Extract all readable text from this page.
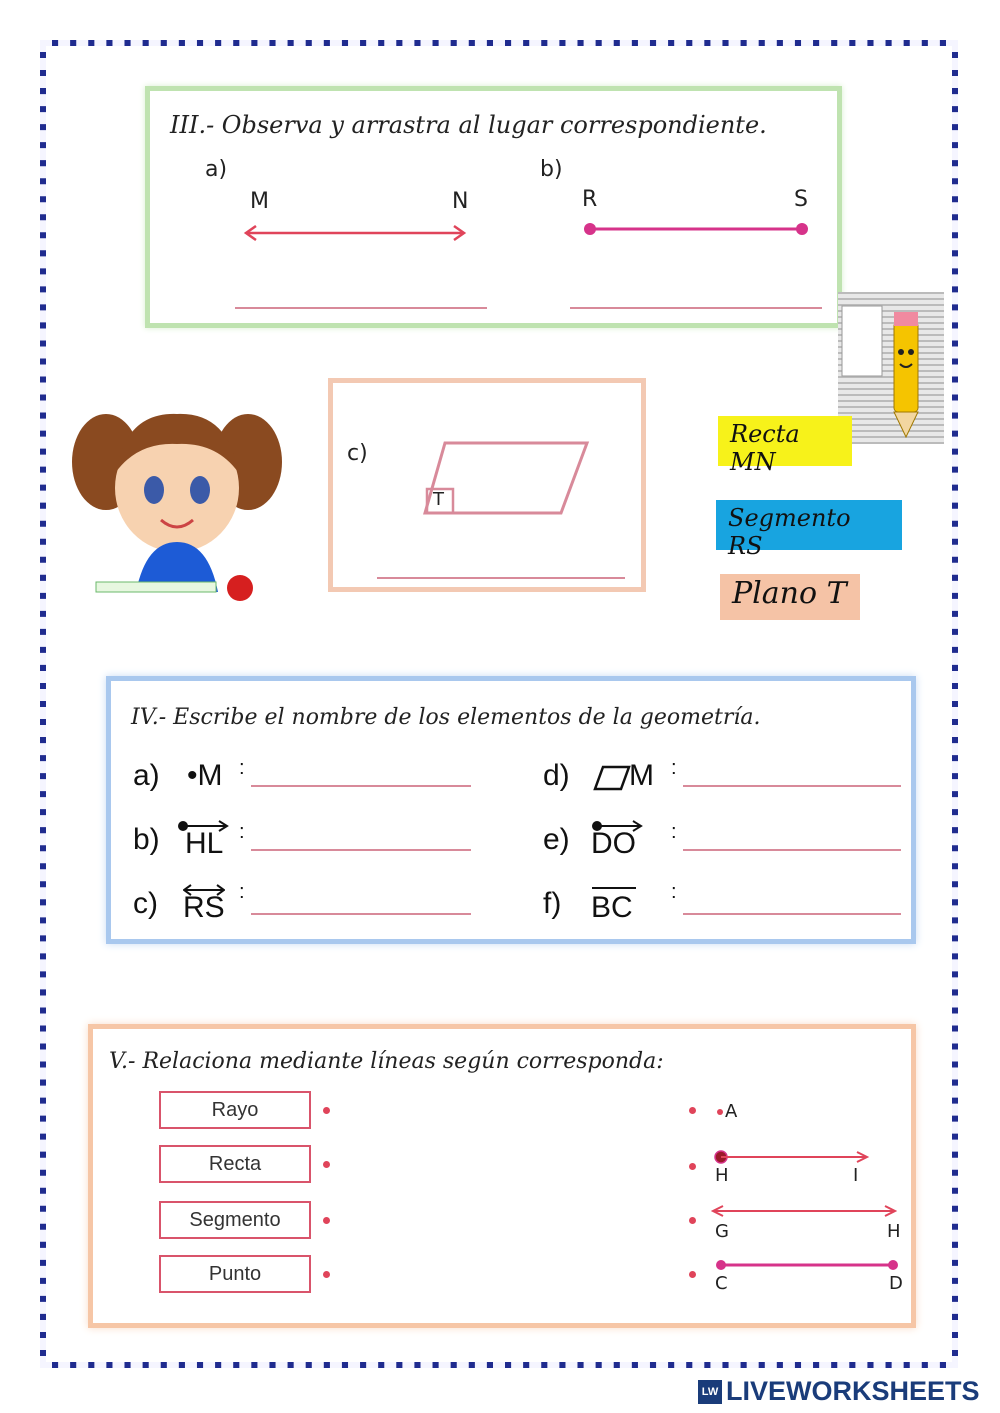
III.- Observa y arrastra al lugar correspondiente.
a)	b)
M	N	R	S
c)
T
Recta MN
Segmento RS
Plano T
IV.- Escribe el nombre de los elementos de la geometría.
a) •M :
b) HL :
c) RS :
d) M :
e) DO :
f) BC :
V.- Relaciona mediante líneas según corresponda:
Rayo
Recta
Segmento
Punto
A
H	I
G	H
C	D
LW LIVEWORKSHEETS
